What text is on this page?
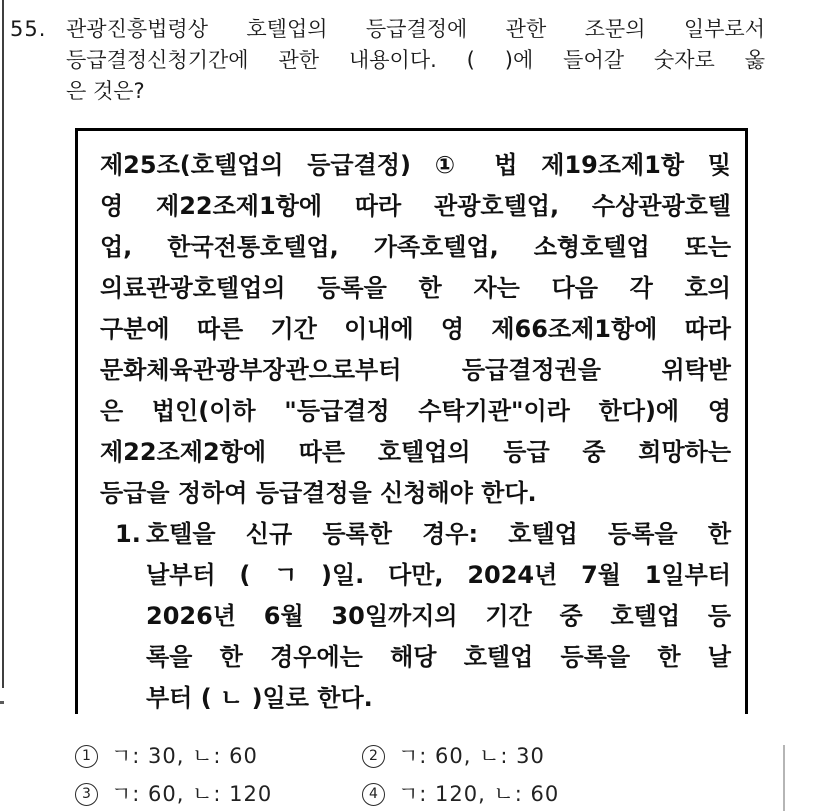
55. 관광진흥법령상 호텔업의 등급결정에 관한 조문의 일부로서
등급결정신청기간에 관한 내용이다. ( )에 들어갈 숫자로 옳
은 것은?
제25조(호텔업의 등급결정) ① 법 제19조제1항 및
영 제22조제1항에 따라 관광호텔업, 수상관광호텔
업, 한국전통호텔업, 가족호텔업, 소형호텔업 또는
의료관광호텔업의 등록을 한 자는 다음 각 호의
구분에 따른 기간 이내에 영 제66조제1항에 따라
문화체육관광부장관으로부터 등급결정권을 위탁받
은 법인(이하 "등급결정 수탁기관"이라 한다)에 영
제22조제2항에 따른 호텔업의 등급 중 희망하는
등급을 정하여 등급결정을 신청해야 한다.
1. 호텔을 신규 등록한 경우: 호텔업 등록을 한
날부터 ( ㄱ )일. 다만, 2024년 7월 1일부터
2026년 6월 30일까지의 기간 중 호텔업 등
록을 한 경우에는 해당 호텔업 등록을 한 날
부터 ( ㄴ )일로 한다.
1 ㄱ: 30, ㄴ: 60	2 ㄱ: 60, ㄴ: 30
3 ㄱ: 60, ㄴ: 120	4 ㄱ: 120, ㄴ: 60
